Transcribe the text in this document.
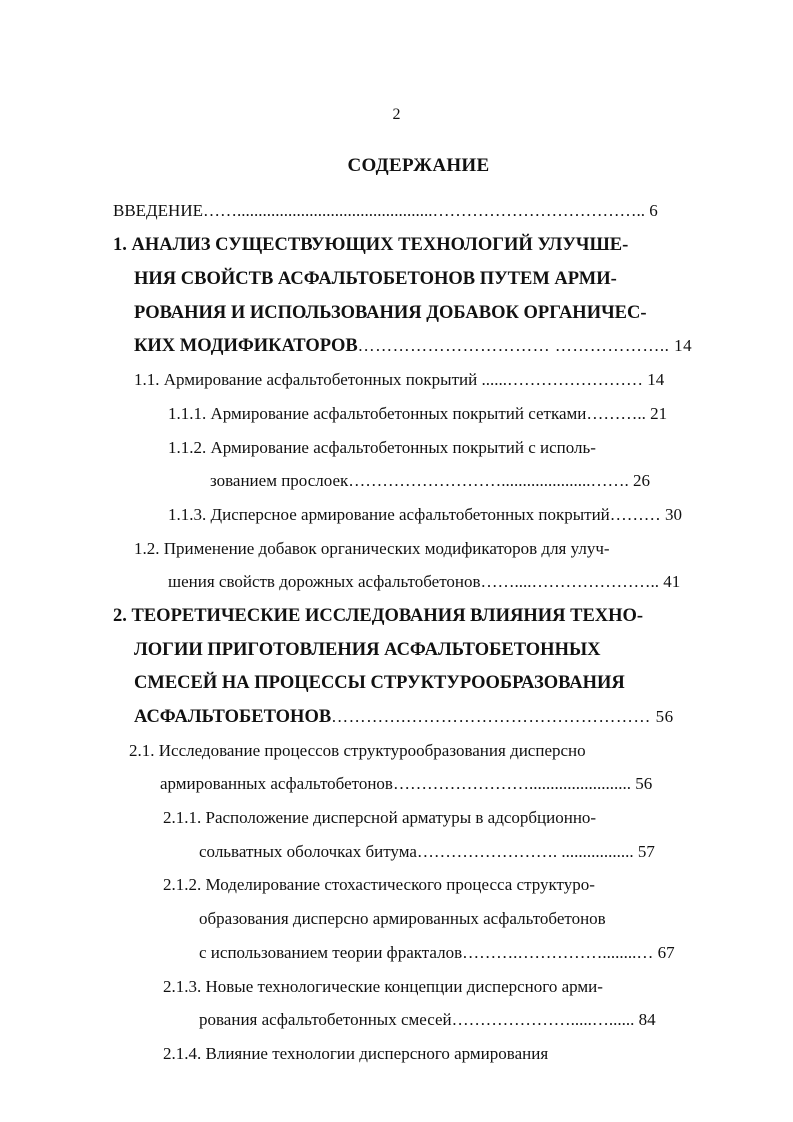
2
СОДЕРЖАНИЕ
ВВЕДЕНИЕ……..............................................……………………………….. 6
1. АНАЛИЗ СУЩЕСТВУЮЩИХ ТЕХНОЛОГИЙ УЛУЧШЕ-
НИЯ СВОЙСТВ АСФАЛЬТОБЕТОНОВ ПУТЕМ АРМИ-
РОВАНИЯ И ИСПОЛЬЗОВАНИЯ ДОБАВОК ОРГАНИЧЕС-
КИХ МОДИФИКАТОРОВ…………………………… ……………….. 14
1.1. Армирование асфальтобетонных покрытий ......…………………… 14
1.1.1. Армирование асфальтобетонных покрытий сетками……….. 21
1.1.2. Армирование асфальтобетонных покрытий с исполь-
зованием прослоек……………………….....................……. 26
1.1.3. Дисперсное армирование асфальтобетонных покрытий……… 30
1.2. Применение добавок органических модификаторов для улуч-
шения свойств дорожных асфальтобетонов……....………………….. 41
2. ТЕОРЕТИЧЕСКИЕ ИССЛЕДОВАНИЯ ВЛИЯНИЯ ТЕХНО-
ЛОГИИ ПРИГОТОВЛЕНИЯ АСФАЛЬТОБЕТОННЫХ
СМЕСЕЙ НА ПРОЦЕССЫ СТРУКТУРООБРАЗОВАНИЯ
АСФАЛЬТОБЕТОНОВ………….…………………………………… 56
2.1. Исследование процессов структурообразования дисперсно
армированных асфальтобетонов……………………........................ 56
2.1.1. Расположение дисперсной арматуры в адсорбционно-
сольватных оболочках битума……………………. ................. 57
2.1.2. Моделирование стохастического процесса структуро-
образования дисперсно армированных асфальтобетонов
с использованием теории фракталов……….……………........… 67
2.1.3. Новые технологические концепции дисперсного арми-
рования асфальтобетонных смесей………………….....…...... 84
2.1.4. Влияние технологии дисперсного армирования
